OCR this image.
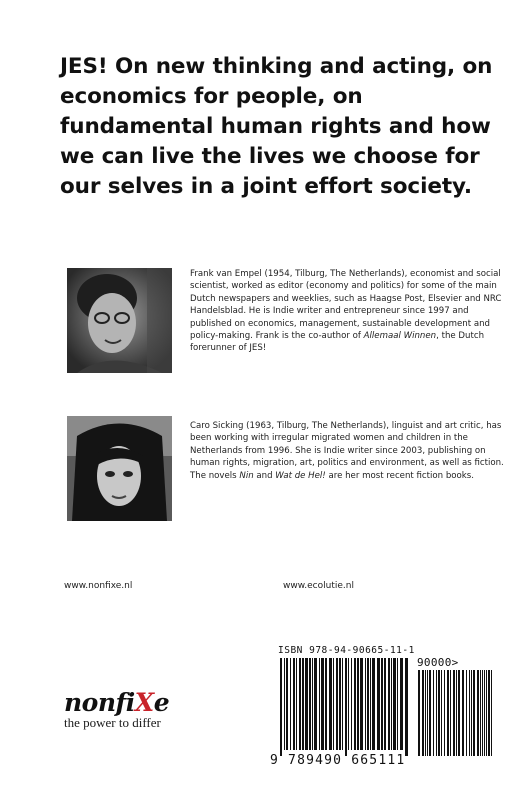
JES! On new thinking and acting, on economics for people, on fundamental human rights and how we can live the lives we choose for our selves in a joint effort society.

Frank van Empel (1954, Tilburg, The Netherlands), economist and social scientist, worked as editor (economy and politics) for some of the main Dutch newspapers and weeklies, such as Haagse Post, Elsevier and NRC Handelsblad. He is Indie writer and entrepreneur since 1997 and published on economics, management, sustainable development and policy-making. Frank is the co-author of Allemaal Winnen, the Dutch forerunner of JES!

Caro Sicking (1963, Tilburg, The Netherlands), linguist and art critic, has been working with irregular migrated women and children in the Netherlands from 1996. She is Indie writer since 2003, publishing on human rights, migration, art, politics and environment, as well as fiction. The novels Nin and Wat de Hel! are her most recent fiction books.

www.nonfixe.nl	www.ecolutie.nl
nonfiXe
the power to differ
ISBN 978-94-90665-11-1
90000>
9 789490 665111
